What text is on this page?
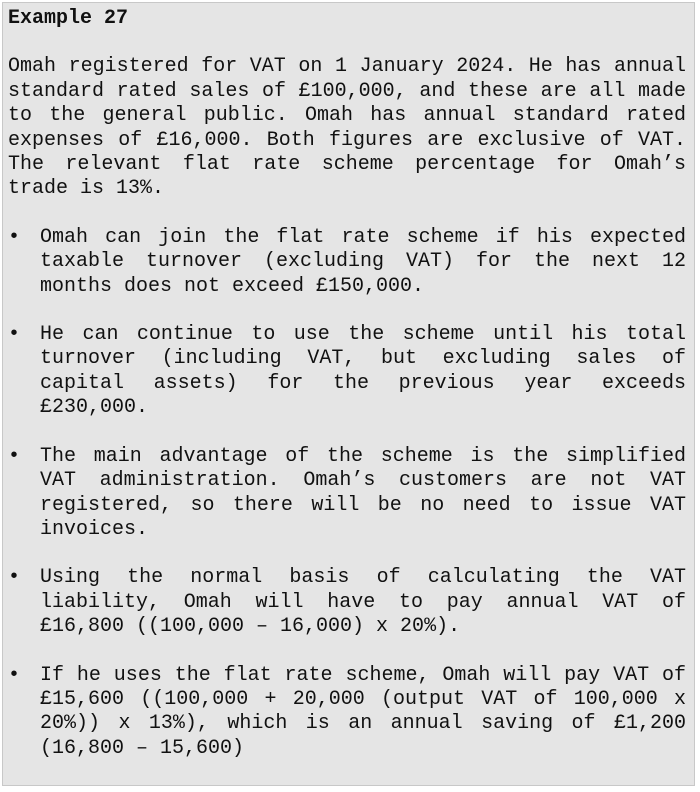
Example 27
Omah registered for VAT on 1 January 2024. He has annual standard rated sales of £100,000, and these are all made to the general public. Omah has annual standard rated expenses of £16,000. Both figures are exclusive of VAT. The relevant flat rate scheme percentage for Omah’s trade is 13%.
• Omah can join the flat rate scheme if his expected taxable turnover (excluding VAT) for the next 12 months does not exceed £150,000.
• He can continue to use the scheme until his total turnover (including VAT, but excluding sales of capital assets) for the previous year exceeds £230,000.
• The main advantage of the scheme is the simplified VAT administration. Omah’s customers are not VAT registered, so there will be no need to issue VAT invoices.
• Using the normal basis of calculating the VAT liability, Omah will have to pay annual VAT of £16,800 ((100,000 – 16,000) x 20%).
• If he uses the flat rate scheme, Omah will pay VAT of £15,600 ((100,000 + 20,000 (output VAT of 100,000 x 20%)) x 13%), which is an annual saving of £1,200 (16,800 – 15,600)
